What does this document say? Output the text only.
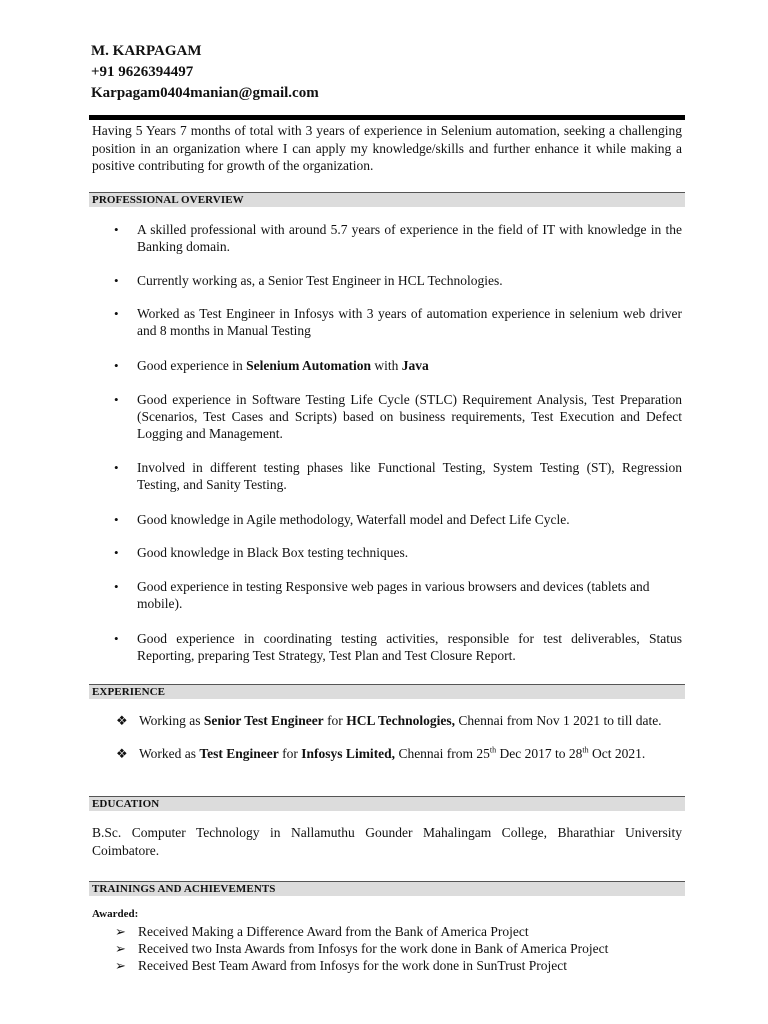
M. KARPAGAM
+91 9626394497
Karpagam0404manian@gmail.com
Having 5 Years 7 months of total with 3 years of experience in Selenium automation, seeking a challenging position in an organization where I can apply my knowledge/skills and further enhance it while making a positive contributing for growth of the organization.
PROFESSIONAL OVERVIEW
• A skilled professional with around 5.7 years of experience in the field of IT with knowledge in the Banking domain.
• Currently working as, a Senior Test Engineer in HCL Technologies.
• Worked as Test Engineer in Infosys with 3 years of automation experience in selenium web driver and 8 months in Manual Testing
• Good experience in Selenium Automation with Java
• Good experience in Software Testing Life Cycle (STLC) Requirement Analysis, Test Preparation (Scenarios, Test Cases and Scripts) based on business requirements, Test Execution and Defect Logging and Management.
• Involved in different testing phases like Functional Testing, System Testing (ST), Regression Testing, and Sanity Testing.
• Good knowledge in Agile methodology, Waterfall model and Defect Life Cycle.
• Good knowledge in Black Box testing techniques.
• Good experience in testing Responsive web pages in various browsers and devices (tablets and mobile).
• Good experience in coordinating testing activities, responsible for test deliverables, Status Reporting, preparing Test Strategy, Test Plan and Test Closure Report.
EXPERIENCE
❖ Working as Senior Test Engineer for HCL Technologies, Chennai from Nov 1 2021 to till date.
❖ Worked as Test Engineer for Infosys Limited, Chennai from 25th Dec 2017 to 28th Oct 2021.
EDUCATION
B.Sc. Computer Technology in Nallamuthu Gounder Mahalingam College, Bharathiar University Coimbatore.
TRAININGS AND ACHIEVEMENTS
Awarded:
➢ Received Making a Difference Award from the Bank of America Project
➢ Received two Insta Awards from Infosys for the work done in Bank of America Project
➢ Received Best Team Award from Infosys for the work done in SunTrust Project
